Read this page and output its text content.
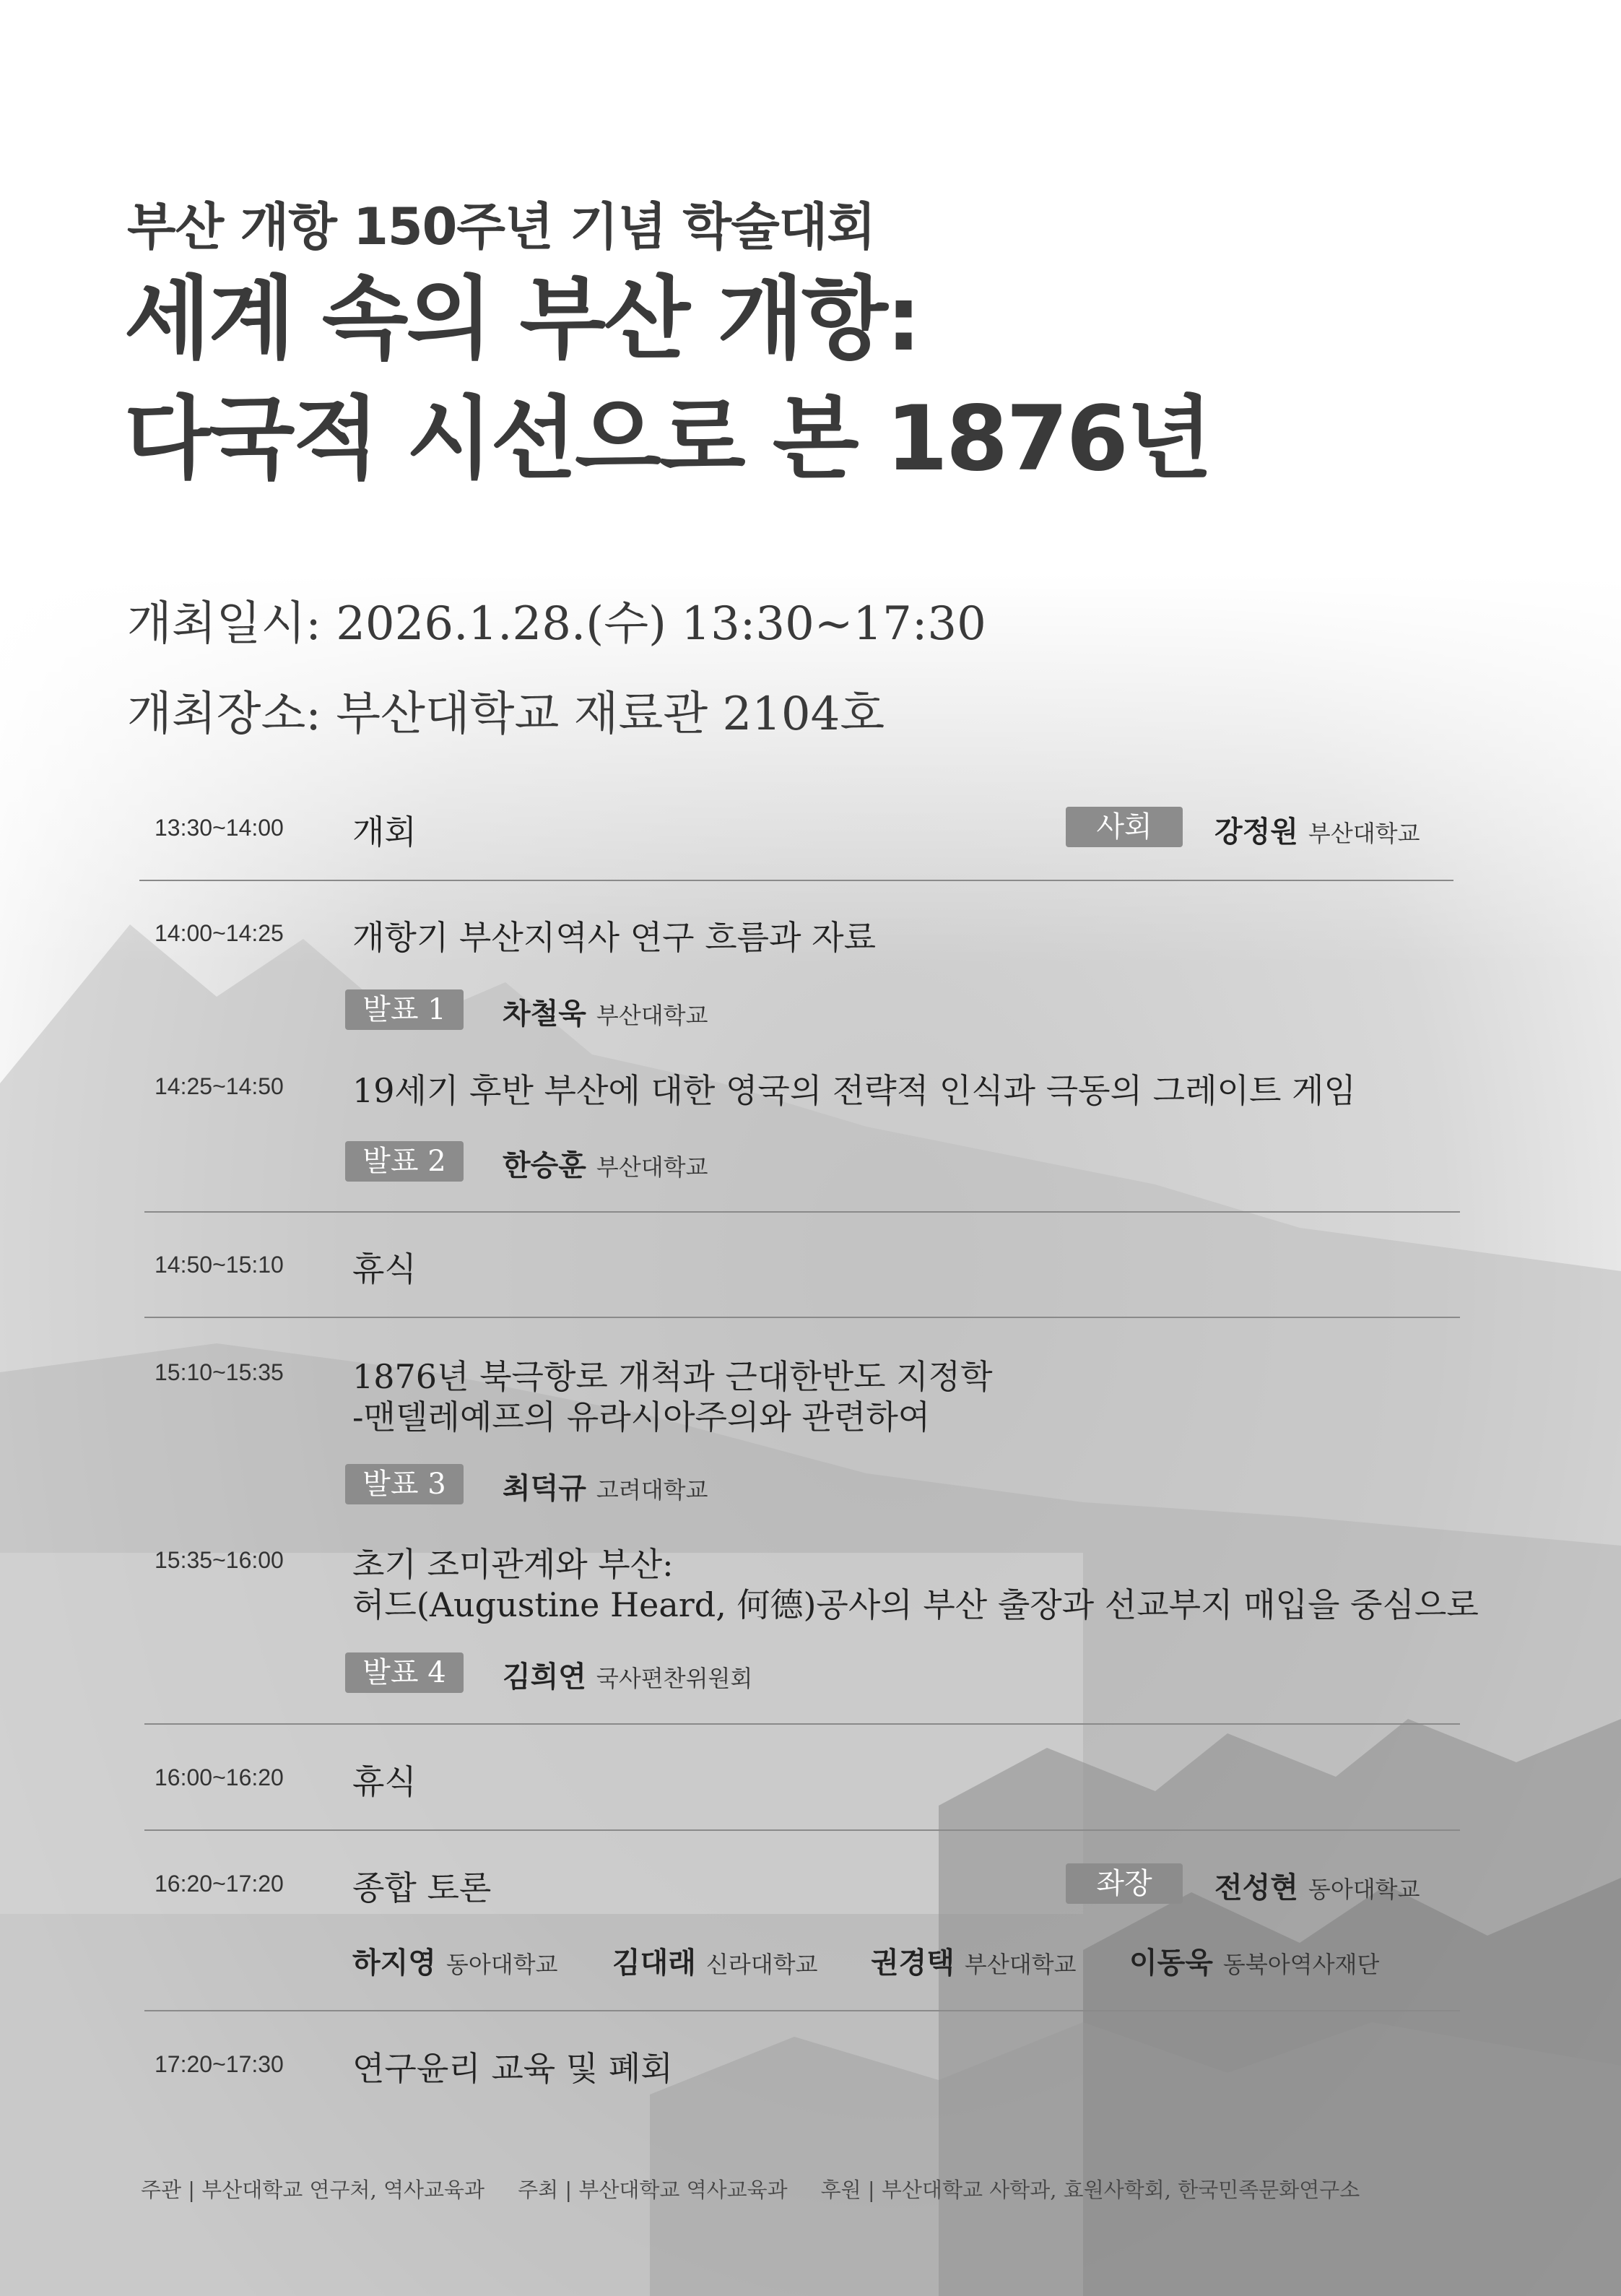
부산 개항 150주년 기념 학술대회
세계 속의 부산 개항:
다국적 시선으로 본 1876년
개최일시: 2026.1.28.(수) 13:30~17:30
개최장소: 부산대학교 재료관 2104호
13:30~14:00 개회	사회	강정원 부산대학교
14:00~14:25 개항기 부산지역사 연구 흐름과 자료
발표 1	차철욱 부산대학교
14:25~14:50 19세기 후반 부산에 대한 영국의 전략적 인식과 극동의 그레이트 게임
발표 2	한승훈 부산대학교
14:50~15:10 휴식
15:10~15:35 1876년 북극항로 개척과 근대한반도 지정학
-맨델레예프의 유라시아주의와 관련하여
발표 3	최덕규 고려대학교
15:35~16:00 초기 조미관계와 부산:
허드(Augustine Heard, 何德)공사의 부산 출장과 선교부지 매입을 중심으로
발표 4	김희연 국사편찬위원회
16:00~16:20 휴식
16:20~17:20 종합 토론	좌장	전성현 동아대학교
하지영 동아대학교 김대래 신라대학교 권경택 부산대학교 이동욱 동북아역사재단
17:20~17:30 연구윤리 교육 및 폐회
주관 | 부산대학교 연구처, 역사교육과 주최 | 부산대학교 역사교육과 후원 | 부산대학교 사학과, 효원사학회, 한국민족문화연구소
